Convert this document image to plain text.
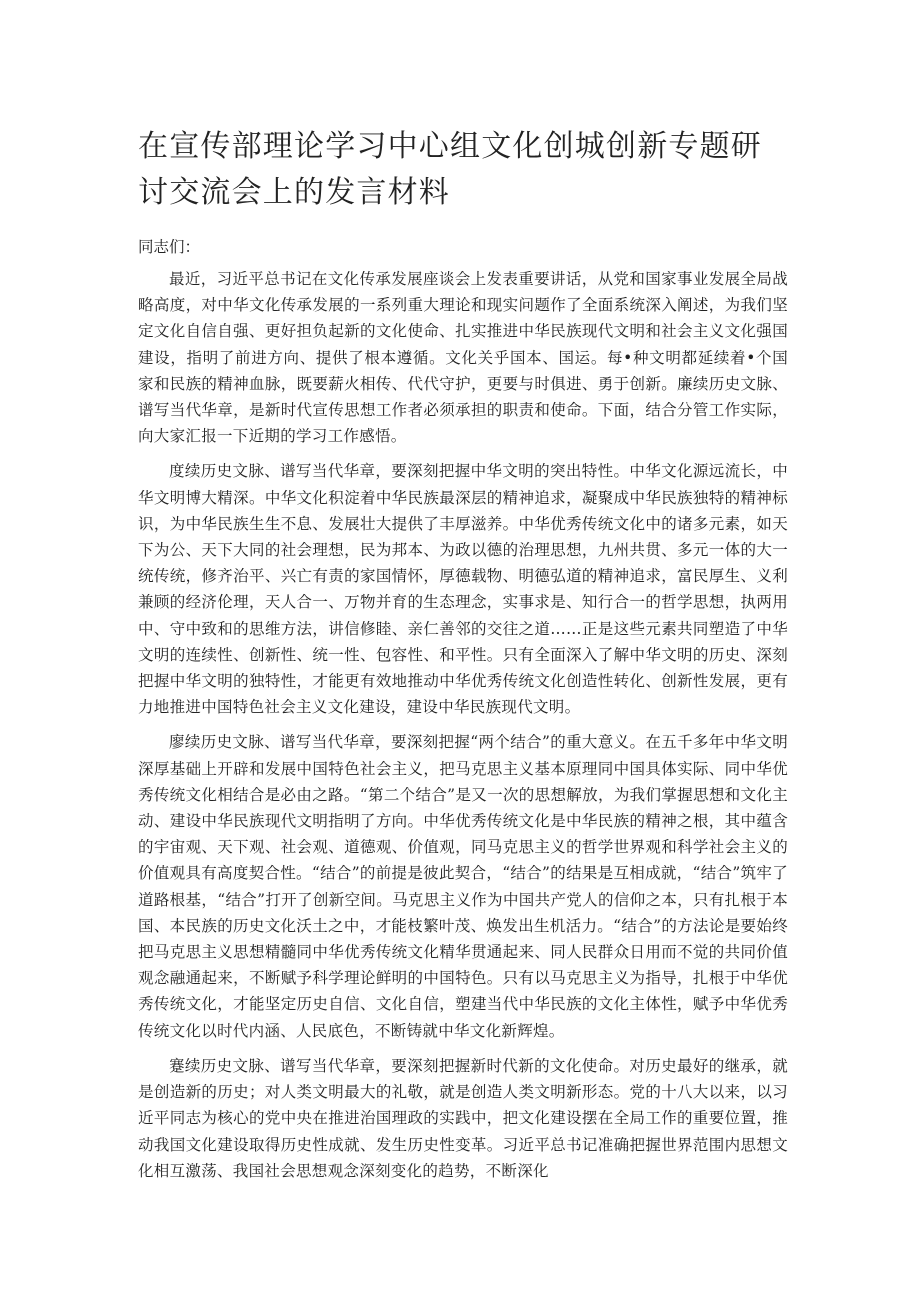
在宣传部理论学习中心组文化创城创新专题研讨交流会上的发言材料

同志们：

最近，习近平总书记在文化传承发展座谈会上发表重要讲话，从党和国家事业发展全局战略高度，对中华文化传承发展的一系列重大理论和现实问题作了全面系统深入阐述，为我们坚定文化自信自强、更好担负起新的文化使命、扎实推进中华民族现代文明和社会主义文化强国建设，指明了前进方向、提供了根本遵循。文化关乎国本、国运。每•种文明都延续着•个国家和民族的精神血脉，既要薪火相传、代代守护，更要与时俱进、勇于创新。廉续历史文脉、谱写当代华章，是新时代宣传思想工作者必须承担的职责和使命。下面，结合分管工作实际，向大家汇报一下近期的学习工作感悟。

度续历史文脉、谱写当代华章，要深刻把握中华文明的突出特性。中华文化源远流长，中华文明博大精深。中华文化积淀着中华民族最深层的精神追求，凝聚成中华民族独特的精神标识，为中华民族生生不息、发展壮大提供了丰厚滋养。中华优秀传统文化中的诸多元素，如天下为公、天下大同的社会理想，民为邦本、为政以德的治理思想，九州共贯、多元一体的大一统传统，修齐治平、兴亡有责的家国情怀，厚德载物、明德弘道的精神追求，富民厚生、义利兼顾的经济伦理，天人合一、万物并育的生态理念，实事求是、知行合一的哲学思想，执两用中、守中致和的思维方法，讲信修睦、亲仁善邻的交往之道……正是这些元素共同塑造了中华文明的连续性、创新性、统一性、包容性、和平性。只有全面深入了解中华文明的历史、深刻把握中华文明的独特性，才能更有效地推动中华优秀传统文化创造性转化、创新性发展，更有力地推进中国特色社会主义文化建设，建设中华民族现代文明。

廖续历史文脉、谱写当代华章，要深刻把握“两个结合”的重大意义。在五千多年中华文明深厚基础上开辟和发展中国特色社会主义，把马克思主义基本原理同中国具体实际、同中华优秀传统文化相结合是必由之路。“第二个结合”是又一次的思想解放，为我们掌握思想和文化主动、建设中华民族现代文明指明了方向。中华优秀传统文化是中华民族的精神之根，其中蕴含的宇宙观、天下观、社会观、道德观、价值观，同马克思主义的哲学世界观和科学社会主义的价值观具有高度契合性。“结合”的前提是彼此契合，“结合”的结果是互相成就，“结合”筑牢了道路根基，“结合”打开了创新空间。马克思主义作为中国共产党人的信仰之本，只有扎根于本国、本民族的历史文化沃土之中，才能枝繁叶茂、焕发出生机活力。“结合”的方法论是要始终把马克思主义思想精髓同中华优秀传统文化精华贯通起来、同人民群众日用而不觉的共同价值观念融通起来，不断赋予科学理论鲜明的中国特色。只有以马克思主义为指导，扎根于中华优秀传统文化，才能坚定历史自信、文化自信，塑建当代中华民族的文化主体性，赋予中华优秀传统文化以时代内涵、人民底色，不断铸就中华文化新辉煌。

蹇续历史文脉、谱写当代华章，要深刻把握新时代新的文化使命。对历史最好的继承，就是创造新的历史；对人类文明最大的礼敬，就是创造人类文明新形态。党的十八大以来，以习近平同志为核心的党中央在推进治国理政的实践中，把文化建设摆在全局工作的重要位置，推动我国文化建设取得历史性成就、发生历史性变革。习近平总书记准确把握世界范围内思想文化相互激荡、我国社会思想观念深刻变化的趋势，不断深化
